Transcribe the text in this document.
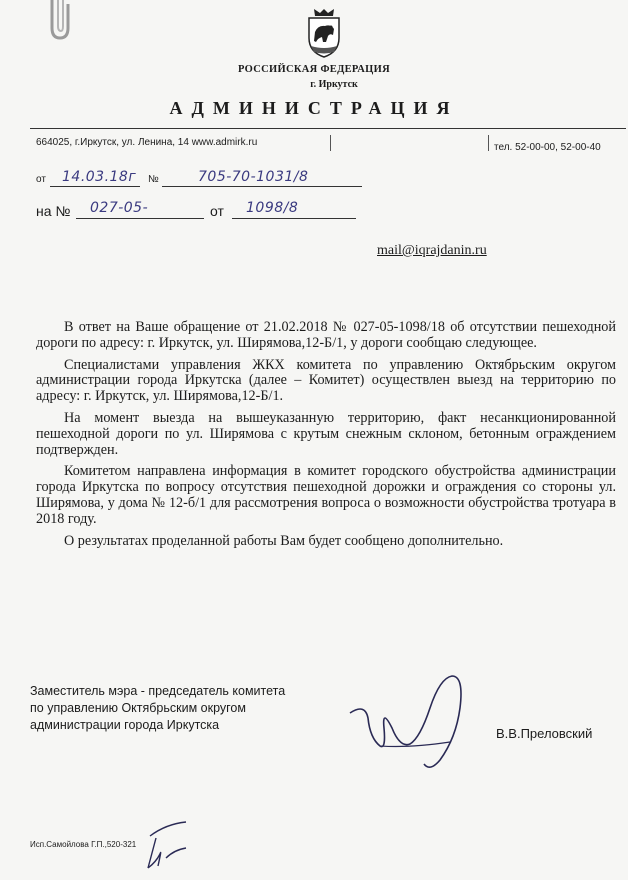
РОССИЙСКАЯ ФЕДЕРАЦИЯ
г. Иркутск
АДМИНИСТРАЦИЯ
664025, г.Иркутск, ул. Ленина, 14 www.admirk.ru	тел. 52-00-00, 52-00-40
от 14.03.18г №	705-70-1031/8
на № 027-05-	от 1098/8
mail@iqrajdanin.ru

В ответ на Ваше обращение от 21.02.2018 № 027-05-1098/18 об отсутствии пешеходной дороги по адресу: г. Иркутск, ул. Ширямова,12-Б/1, у дороги сообщаю следующее.

Специалистами управления ЖКХ комитета по управлению Октябрьским округом администрации города Иркутска (далее – Комитет) осуществлен выезд на территорию по адресу: г. Иркутск, ул. Ширямова,12-Б/1.

На момент выезда на вышеуказанную территорию, факт несанкционированной пешеходной дороги по ул. Ширямова с крутым снежным склоном, бетонным ограждением подтвержден.

Комитетом направлена информация в комитет городского обустройства администрации города Иркутска по вопросу отсутствия пешеходной дорожки и ограждения со стороны ул. Ширямова, у дома № 12-б/1 для рассмотрения вопроса о возможности обустройства тротуара в 2018 году.

О результатах проделанной работы Вам будет сообщено дополнительно.

Заместитель мэра - председатель комитета
по управлению Октябрьским округом
администрации города Иркутска
В.В.Преловский
Исп.Самойлова Г.П.,520-321
